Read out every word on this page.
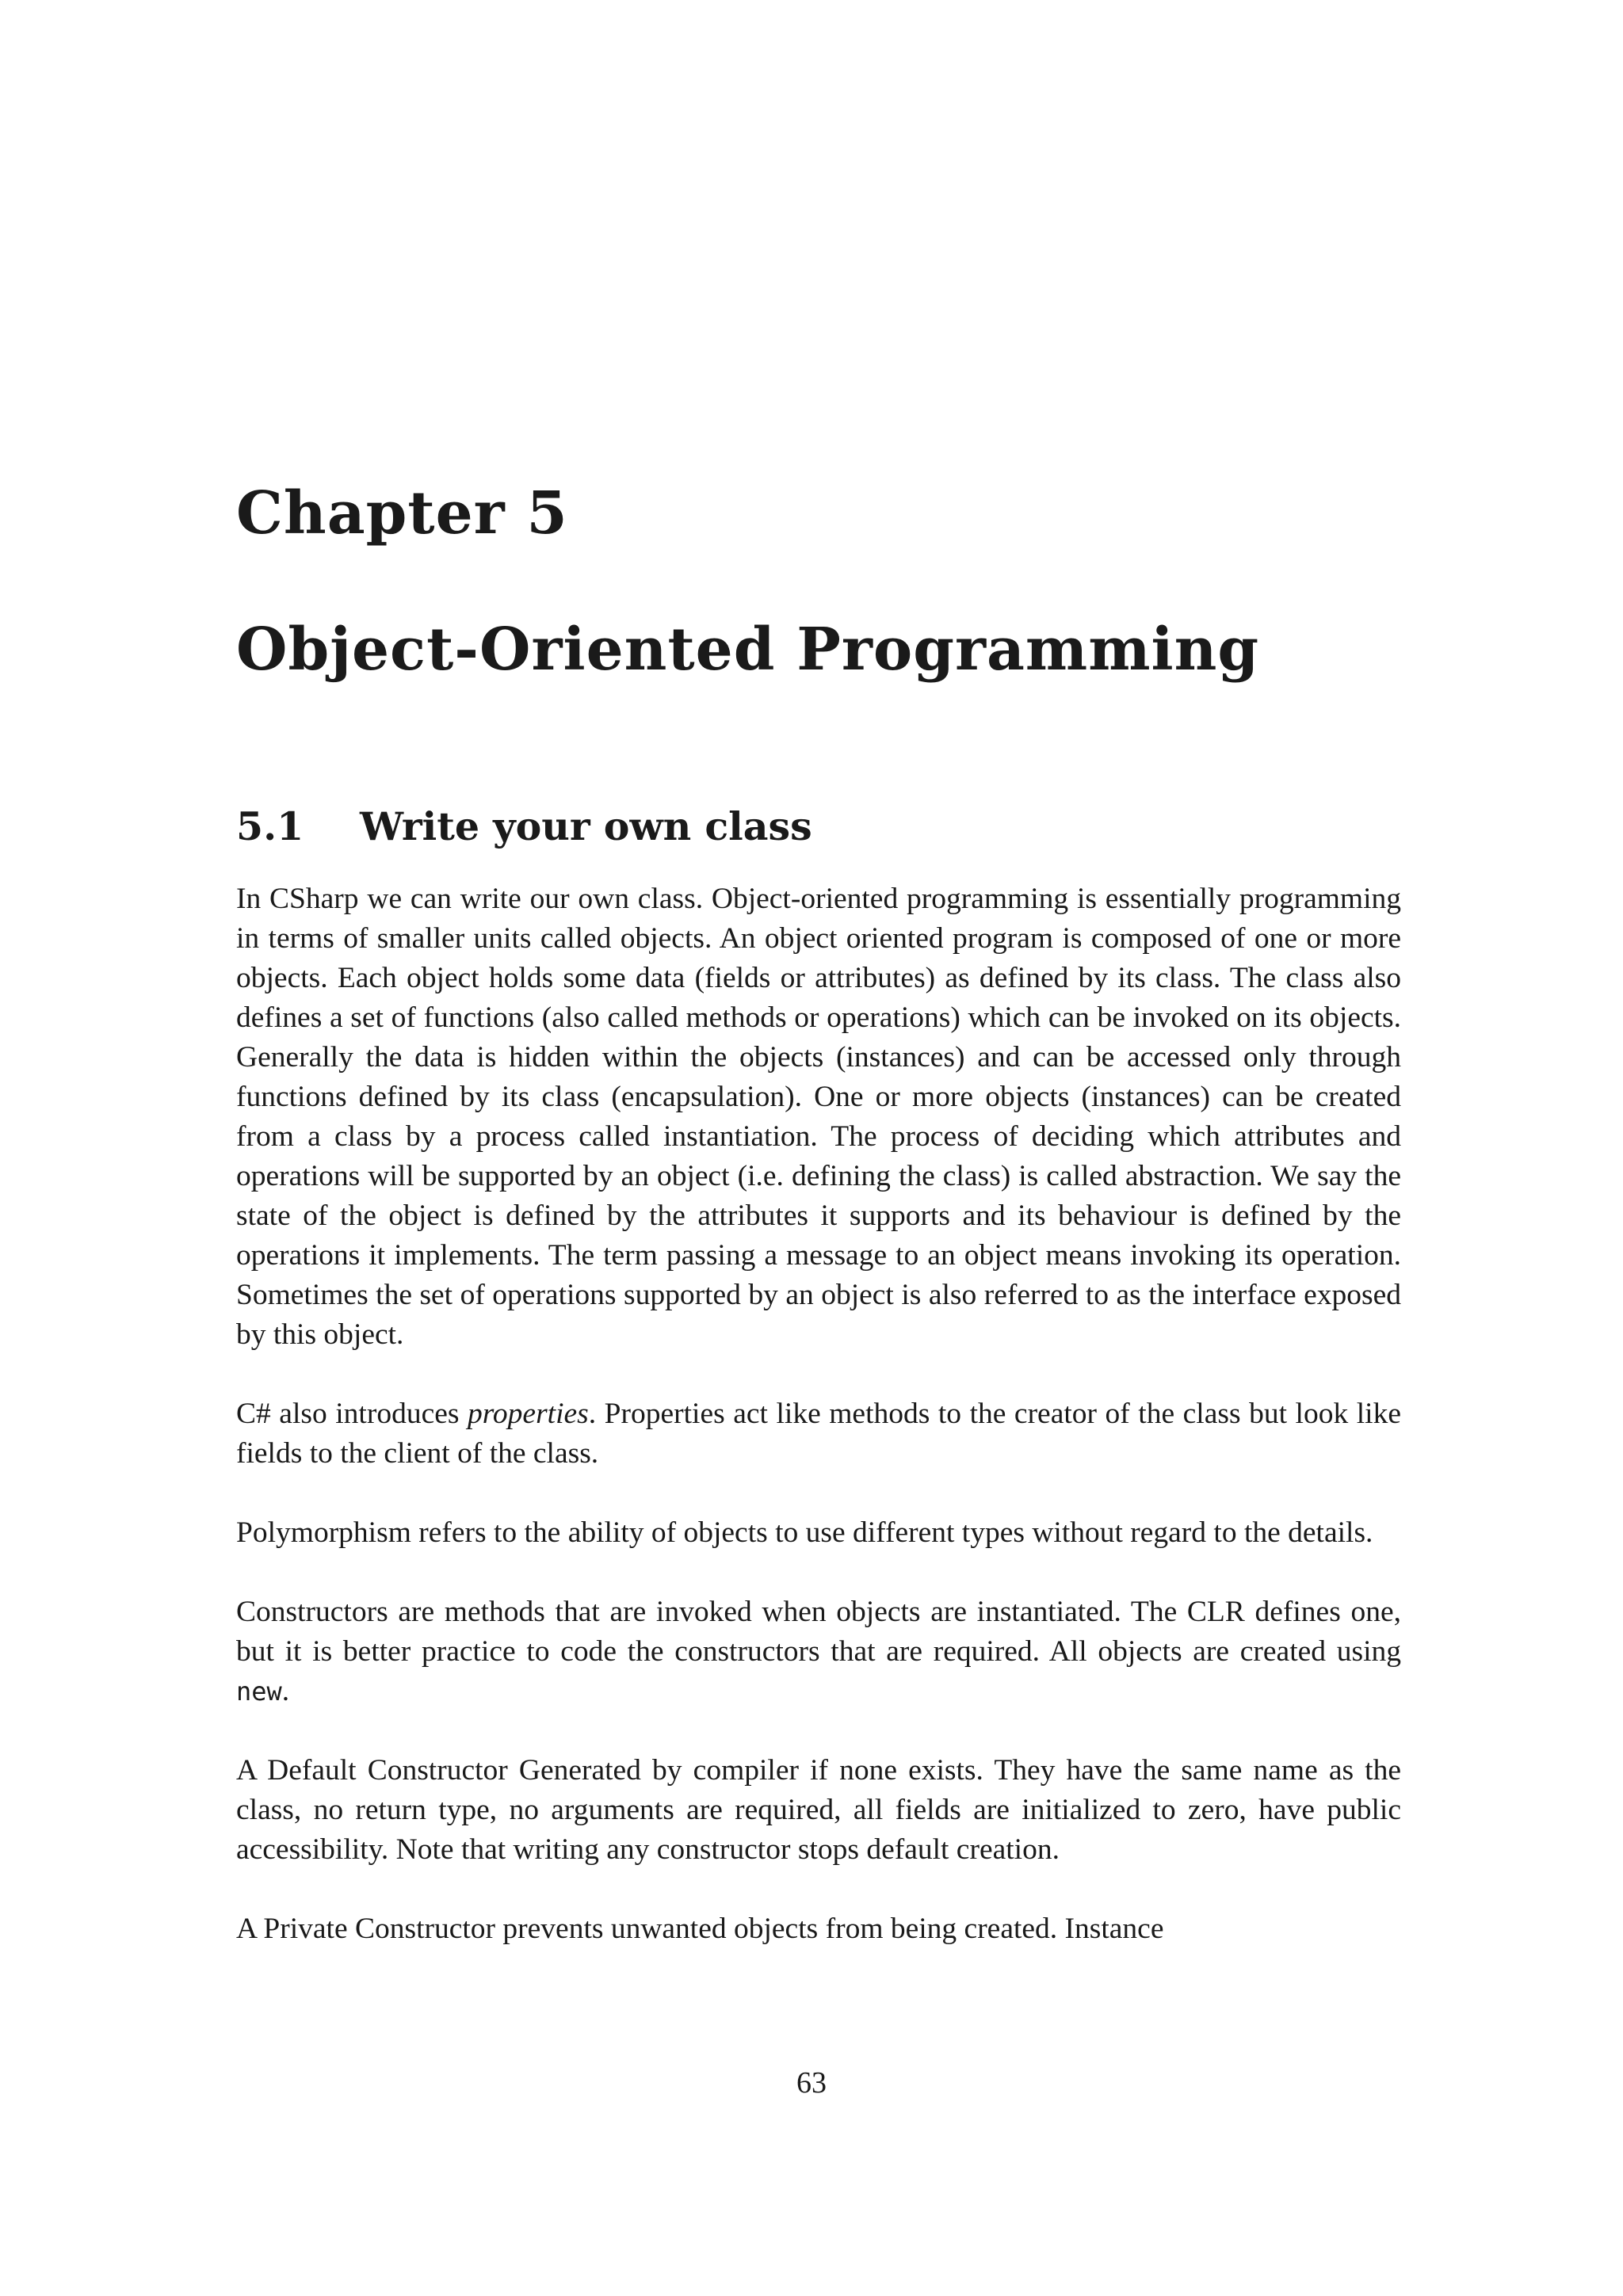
Chapter 5
Object-Oriented Programming
5.1 Write your own class

In CSharp we can write our own class. Object-oriented programming is essentially programming in terms of smaller units called objects. An object oriented program is composed of one or more objects. Each object holds some data (fields or attributes) as defined by its class. The class also defines a set of functions (also called methods or operations) which can be invoked on its objects. Generally the data is hidden within the objects (instances) and can be accessed only through functions defined by its class (encapsulation). One or more objects (instances) can be created from a class by a process called instantiation. The process of deciding which attributes and operations will be supported by an object (i.e. defining the class) is called abstraction. We say the state of the object is defined by the attributes it supports and its behaviour is defined by the operations it implements. The term passing a message to an object means invoking its operation. Sometimes the set of operations supported by an object is also referred to as the interface exposed by this object.

C# also introduces properties. Properties act like methods to the creator of the class but look like fields to the client of the class.

Polymorphism refers to the ability of objects to use different types without regard to the details.

Constructors are methods that are invoked when objects are instantiated. The CLR defines one, but it is better practice to code the constructors that are required. All objects are created using new.

A Default Constructor Generated by compiler if none exists. They have the same name as the class, no return type, no arguments are required, all fields are initialized to zero, have public accessibility. Note that writing any constructor stops default creation.

A Private Constructor prevents unwanted objects from being created. Instance

63
